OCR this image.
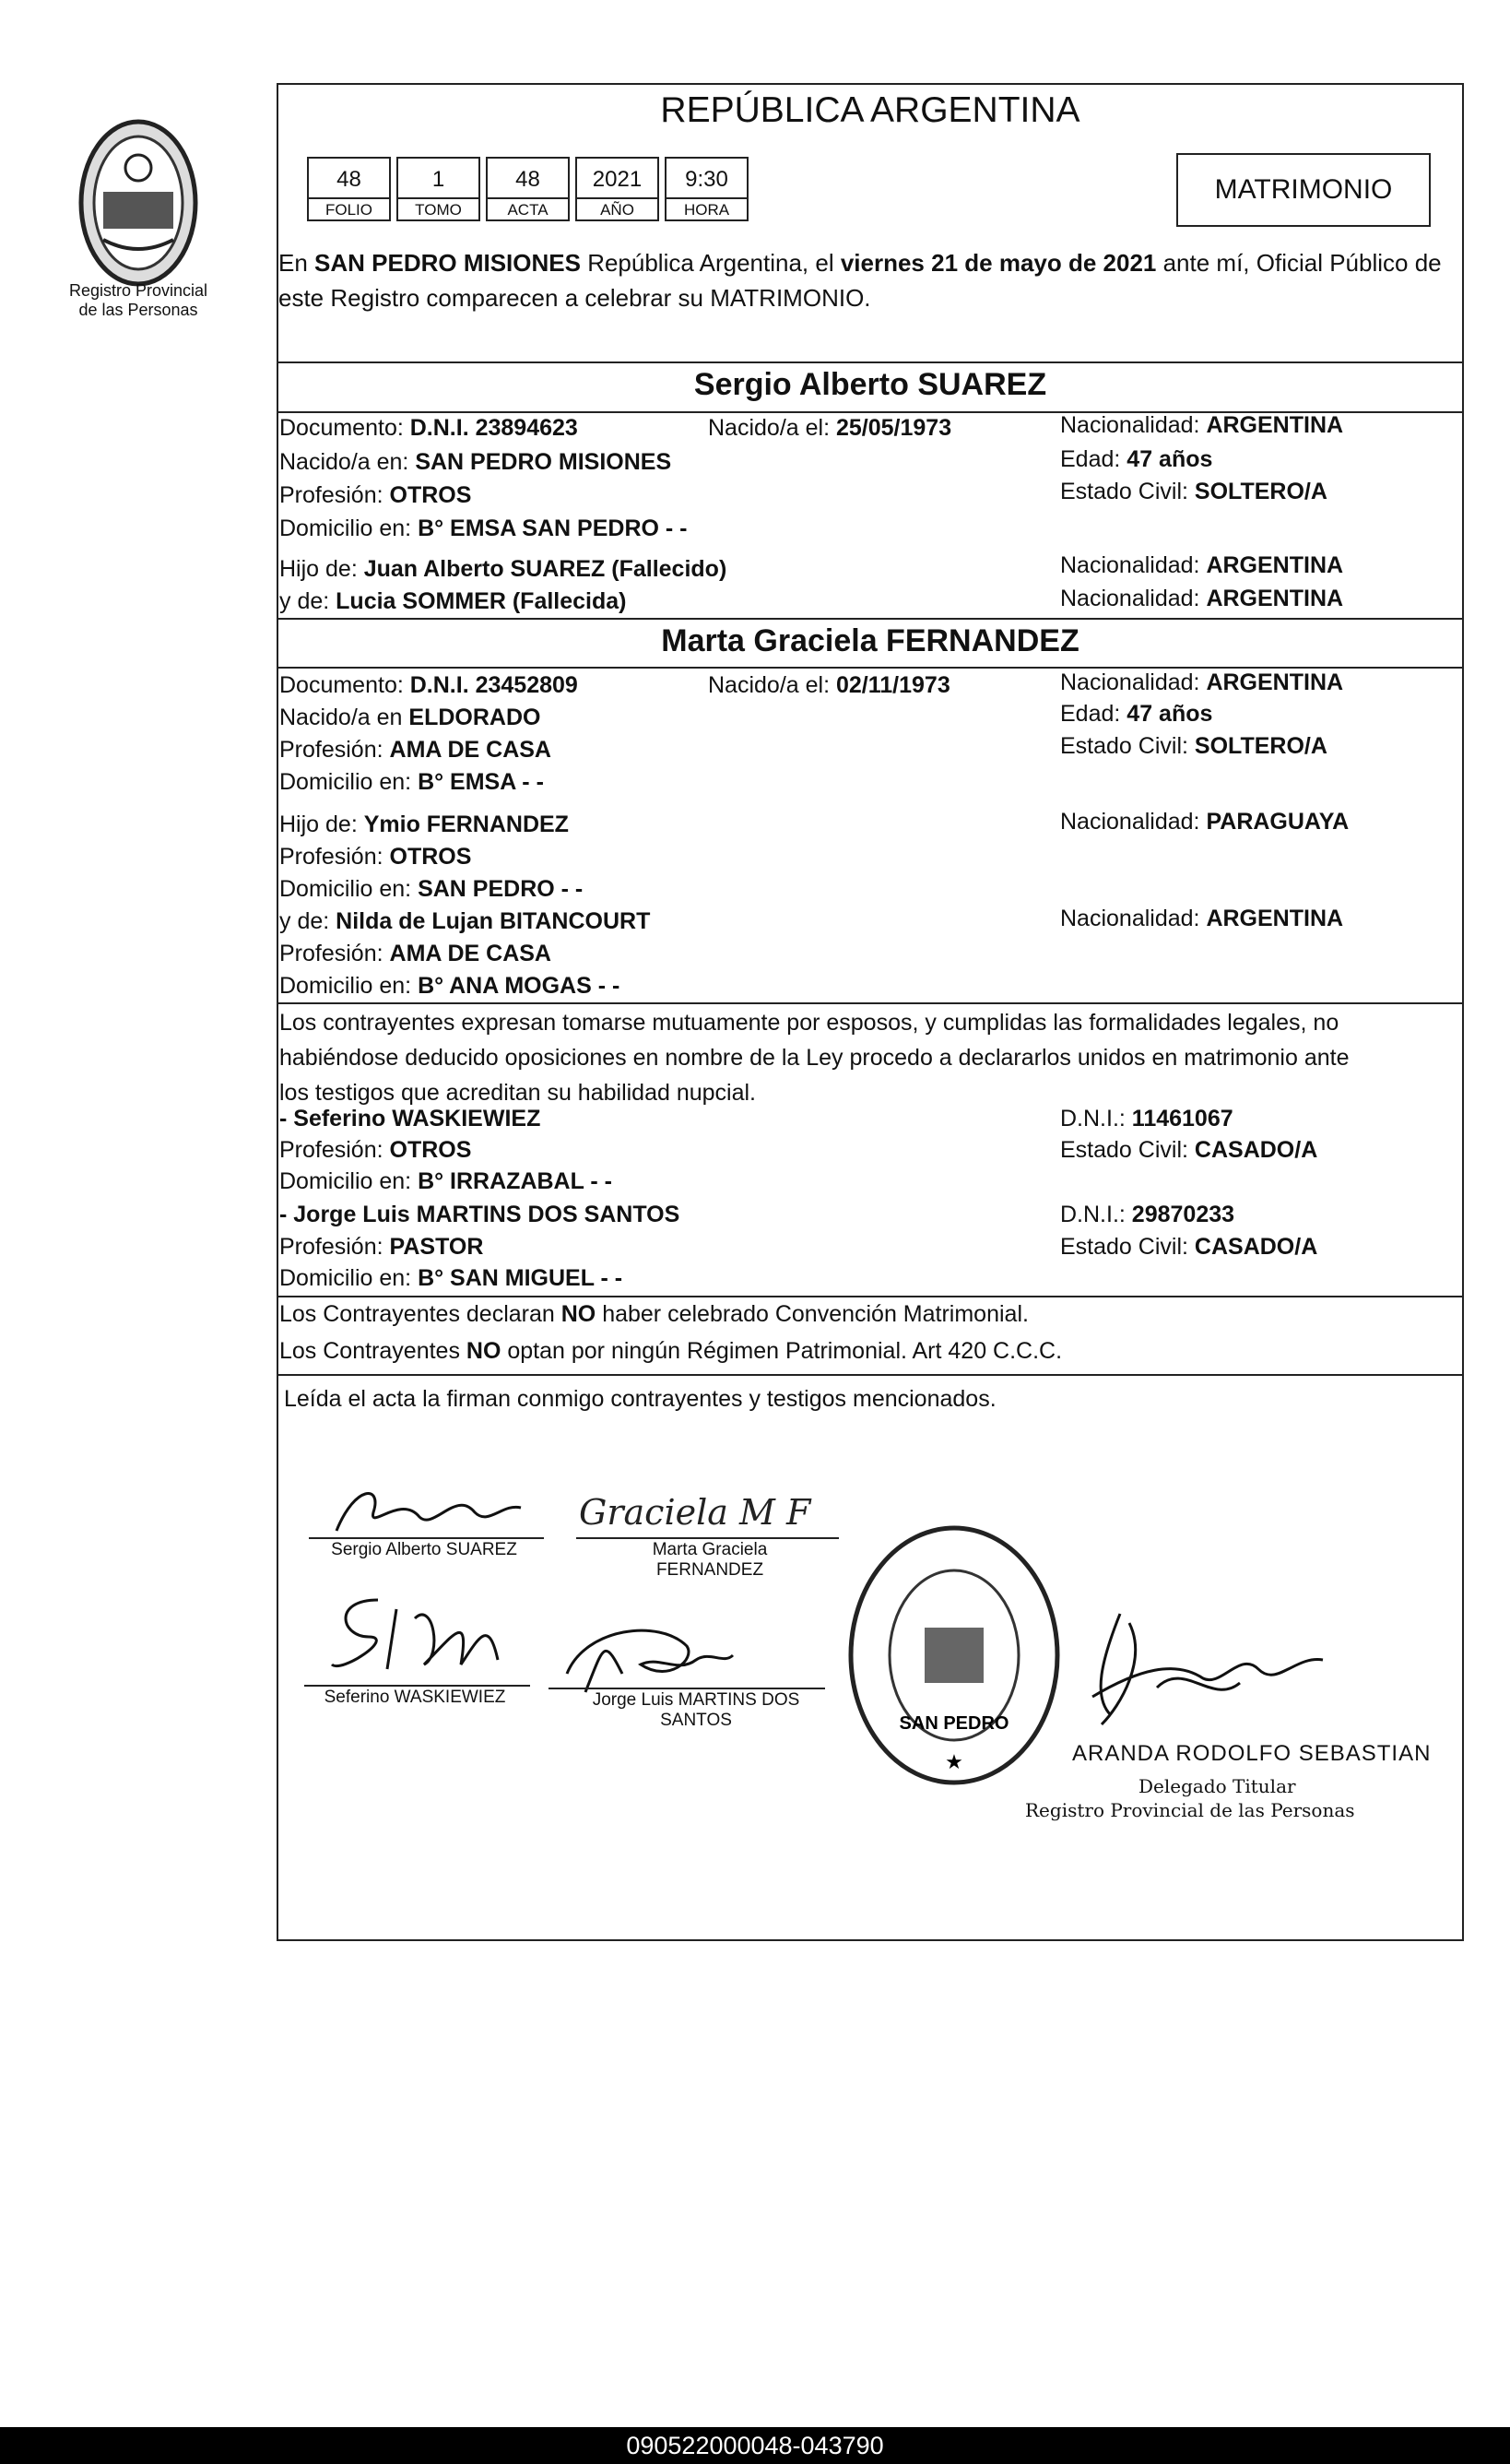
Registro Provincial
de las Personas
REPÚBLICA ARGENTINA
48
FOLIO
1
TOMO
48
ACTA
2021
AÑO
9:30
HORA
MATRIMONIO
En SAN PEDRO MISIONES República Argentina, el viernes 21 de mayo de 2021 ante mí, Oficial Público de este Registro comparecen a celebrar su MATRIMONIO.
Sergio Alberto SUAREZ
Documento: D.N.I. 23894623	Nacido/a el: 25/05/1973	Nacionalidad: ARGENTINA
Nacido/a en: SAN PEDRO MISIONES	Edad: 47 años
Profesión: OTROS	Estado Civil: SOLTERO/A
Domicilio en: B° EMSA SAN PEDRO - -
Hijo de: Juan Alberto SUAREZ (Fallecido)	Nacionalidad: ARGENTINA
y de: Lucia SOMMER (Fallecida)	Nacionalidad: ARGENTINA
Marta Graciela FERNANDEZ
Documento: D.N.I. 23452809	Nacido/a el: 02/11/1973	Nacionalidad: ARGENTINA
Nacido/a en ELDORADO	Edad: 47 años
Profesión: AMA DE CASA	Estado Civil: SOLTERO/A
Domicilio en: B° EMSA - -
Hijo de: Ymio FERNANDEZ	Nacionalidad: PARAGUAYA
Profesión: OTROS
Domicilio en: SAN PEDRO - -
y de: Nilda de Lujan BITANCOURT	Nacionalidad: ARGENTINA
Profesión: AMA DE CASA
Domicilio en: B° ANA MOGAS - -
Los contrayentes expresan tomarse mutuamente por esposos, y cumplidas las formalidades legales, no
habiéndose deducido oposiciones en nombre de la Ley procedo a declararlos unidos en matrimonio ante
los testigos que acreditan su habilidad nupcial.
- Seferino WASKIEWIEZ	D.N.I.: 11461067
Profesión: OTROS	Estado Civil: CASADO/A
Domicilio en: B° IRRAZABAL - -
- Jorge Luis MARTINS DOS SANTOS	D.N.I.: 29870233
Profesión: PASTOR	Estado Civil: CASADO/A
Domicilio en: B° SAN MIGUEL - -
Los Contrayentes declaran NO haber celebrado Convención Matrimonial.
Los Contrayentes NO optan por ningún Régimen Patrimonial. Art 420 C.C.C.
Leída el acta la firman conmigo contrayentes y testigos mencionados.
Sergio Alberto SUAREZ
Graciela M F
Marta Graciela
FERNANDEZ
Seferino WASKIEWIEZ	Jorge Luis MARTINS DOS
SANTOS	SAN PEDRO
★	ARANDA RODOLFO SEBASTIAN
Delegado Titular
Registro Provincial de las Personas
090522000048-043790
